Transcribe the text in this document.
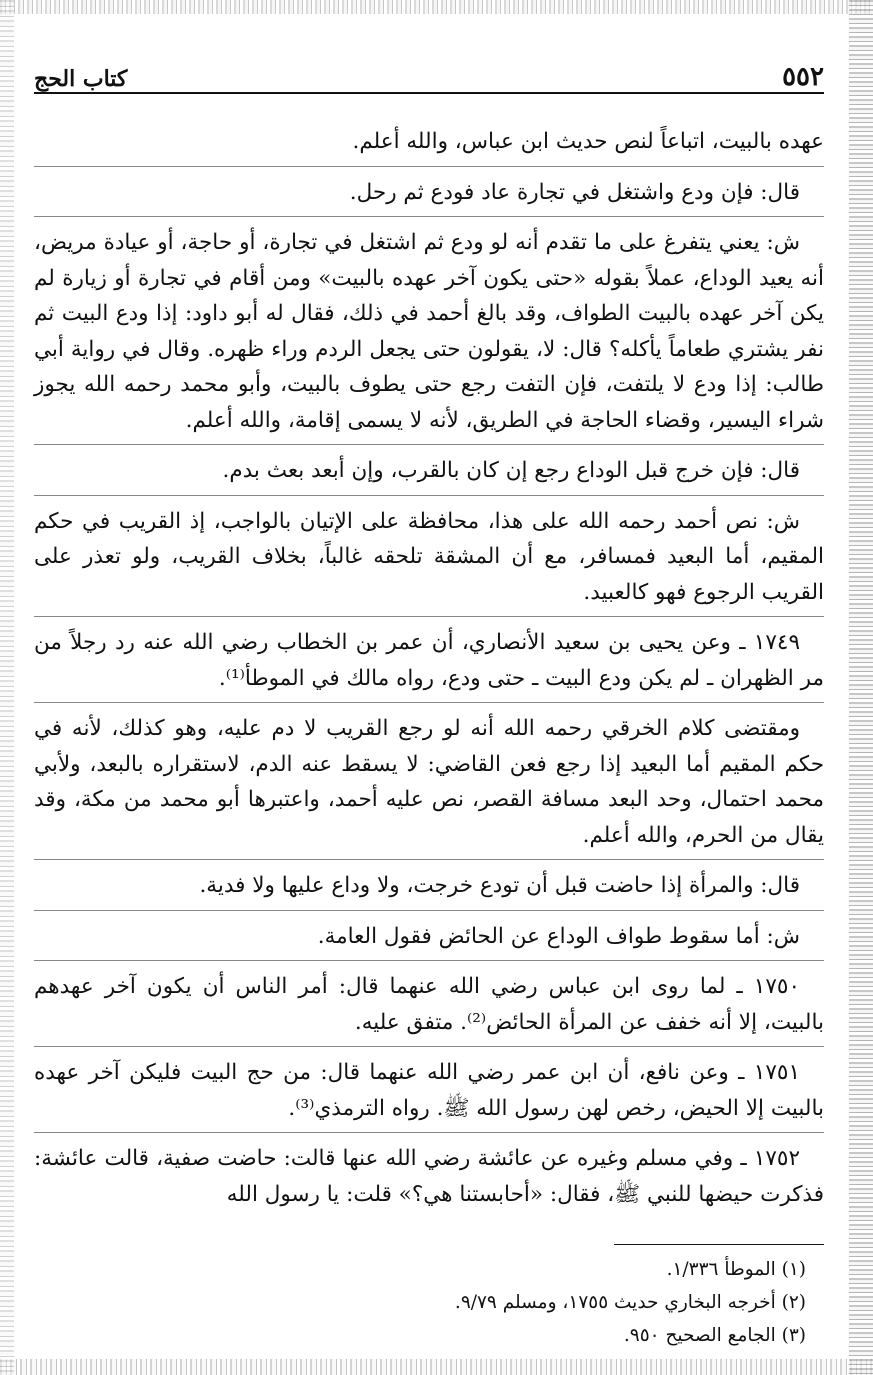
٥٥٢
كتاب الحج

عهده بالبيت، اتباعاً لنص حديث ابن عباس، والله أعلم.

قال: فإن ودع واشتغل في تجارة عاد فودع ثم رحل.

ش: يعني يتفرغ على ما تقدم أنه لو ودع ثم اشتغل في تجارة، أو حاجة، أو عيادة مريض، أنه يعيد الوداع، عملاً بقوله «حتى يكون آخر عهده بالبيت» ومن أقام في تجارة أو زيارة لم يكن آخر عهده بالبيت الطواف، وقد بالغ أحمد في ذلك، فقال له أبو داود: إذا ودع البيت ثم نفر يشتري طعاماً يأكله؟ قال: لا، يقولون حتى يجعل الردم وراء ظهره. وقال في رواية أبي طالب: إذا ودع لا يلتفت، فإن التفت رجع حتى يطوف بالبيت، وأبو محمد رحمه الله يجوز شراء اليسير، وقضاء الحاجة في الطريق، لأنه لا يسمى إقامة، والله أعلم.

قال: فإن خرج قبل الوداع رجع إن كان بالقرب، وإن أبعد بعث بدم.

ش: نص أحمد رحمه الله على هذا، محافظة على الإتيان بالواجب، إذ القريب في حكم المقيم، أما البعيد فمسافر، مع أن المشقة تلحقه غالباً، بخلاف القريب، ولو تعذر على القريب الرجوع فهو كالعبيد.

١٧٤٩ ـ وعن يحيى بن سعيد الأنصاري، أن عمر بن الخطاب رضي الله عنه رد رجلاً من مر الظهران ـ لم يكن ودع البيت ـ حتى ودع، رواه مالك في الموطأ⁽¹⁾.

ومقتضى كلام الخرقي رحمه الله أنه لو رجع القريب لا دم عليه، وهو كذلك، لأنه في حكم المقيم أما البعيد إذا رجع فعن القاضي: لا يسقط عنه الدم، لاستقراره بالبعد، ولأبي محمد احتمال، وحد البعد مسافة القصر، نص عليه أحمد، واعتبرها أبو محمد من مكة، وقد يقال من الحرم، والله أعلم.

قال: والمرأة إذا حاضت قبل أن تودع خرجت، ولا وداع عليها ولا فدية.

ش: أما سقوط طواف الوداع عن الحائض فقول العامة.

١٧٥٠ ـ لما روى ابن عباس رضي الله عنهما قال: أمر الناس أن يكون آخر عهدهم بالبيت، إلا أنه خفف عن المرأة الحائض⁽²⁾. متفق عليه.

١٧٥١ ـ وعن نافع، أن ابن عمر رضي الله عنهما قال: من حج البيت فليكن آخر عهده بالبيت إلا الحيض، رخص لهن رسول الله ﷺ. رواه الترمذي⁽³⁾.

١٧٥٢ ـ وفي مسلم وغيره عن عائشة رضي الله عنها قالت: حاضت صفية، قالت عائشة: فذكرت حيضها للنبي ﷺ، فقال: «أحابستنا هي؟» قلت: يا رسول الله

(١) الموطأ ١/٣٣٦.
(٢) أخرجه البخاري حديث ١٧٥٥، ومسلم ٩/٧٩.
(٣) الجامع الصحيح ٩٥٠.
